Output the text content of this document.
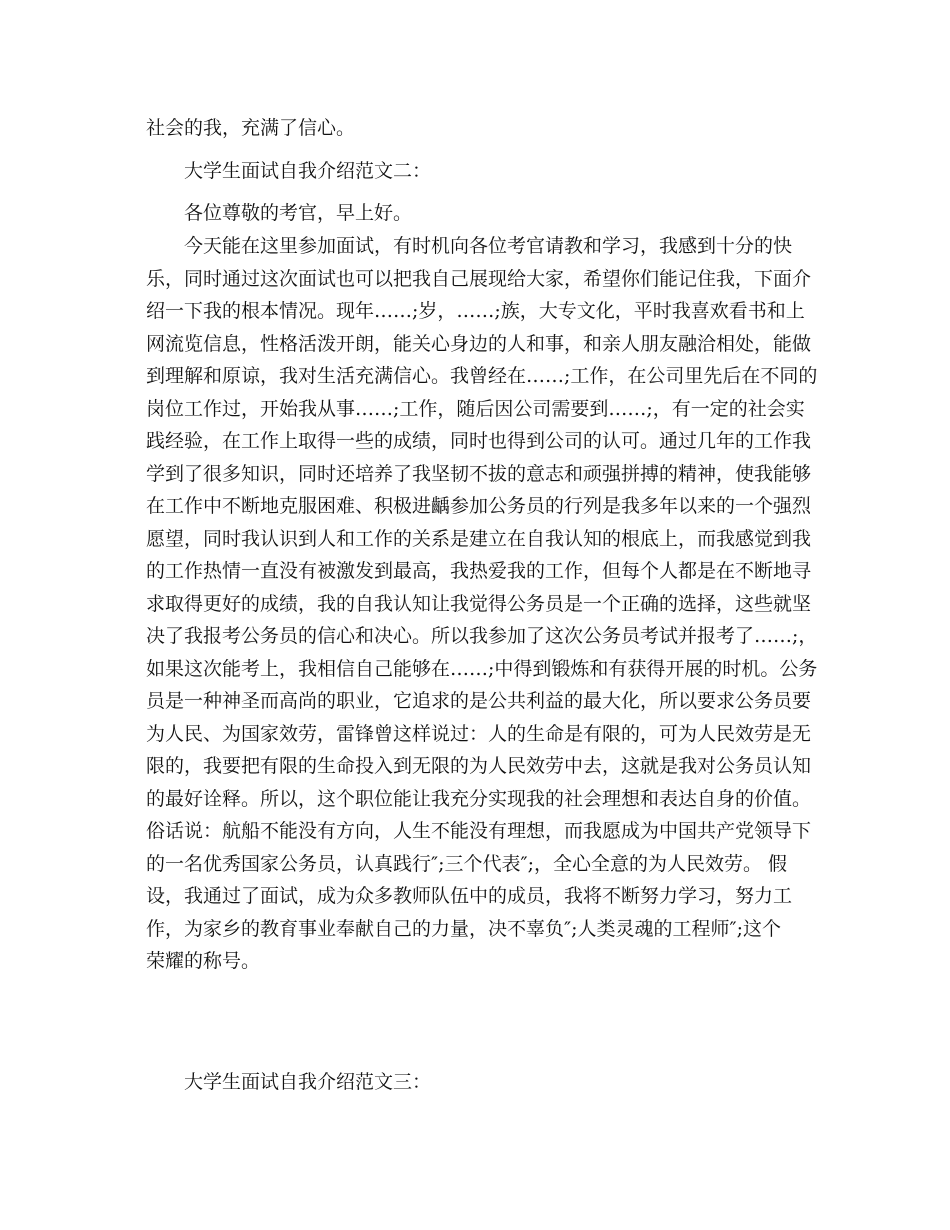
社会的我，充满了信心。
大学生面试自我介绍范文二：
各位尊敬的考官，早上好。
今天能在这里参加面试，有时机向各位考官请教和学习，我感到十分的快
乐，同时通过这次面试也可以把我自己展现给大家，希望你们能记住我，下面介
绍一下我的根本情况。现年……;岁，……;族，大专文化，平时我喜欢看书和上
网流览信息，性格活泼开朗，能关心身边的人和事，和亲人朋友融洽相处，能做
到理解和原谅，我对生活充满信心。我曾经在……;工作，在公司里先后在不同的
岗位工作过，开始我从事……;工作，随后因公司需要到……;，有一定的社会实
践经验，在工作上取得一些的成绩，同时也得到公司的认可。通过几年的工作我
学到了很多知识，同时还培养了我坚韧不拔的意志和顽强拼搏的精神，使我能够
在工作中不断地克服困难、积极进齲参加公务员的行列是我多年以来的一个强烈
愿望，同时我认识到人和工作的关系是建立在自我认知的根底上，而我感觉到我
的工作热情一直没有被激发到最高，我热爱我的工作，但每个人都是在不断地寻
求取得更好的成绩，我的自我认知让我觉得公务员是一个正确的选择，这些就坚
决了我报考公务员的信心和决心。所以我参加了这次公务员考试并报考了……;，
如果这次能考上，我相信自己能够在……;中得到锻炼和有获得开展的时机。公务
员是一种神圣而高尚的职业，它追求的是公共利益的最大化，所以要求公务员要
为人民、为国家效劳，雷锋曾这样说过：人的生命是有限的，可为人民效劳是无
限的，我要把有限的生命投入到无限的为人民效劳中去，这就是我对公务员认知
的最好诠释。所以，这个职位能让我充分实现我的社会理想和表达自身的价值。
俗话说：航船不能没有方向，人生不能没有理想，而我愿成为中国共产党领导下
的一名优秀国家公务员，认真践行″;三个代表″;，全心全意的为人民效劳。 假
设，我通过了面试，成为众多教师队伍中的成员，我将不断努力学习，努力工
作，为家乡的教育事业奉献自己的力量，决不辜负″;人类灵魂的工程师″;这个
荣耀的称号。
大学生面试自我介绍范文三：
